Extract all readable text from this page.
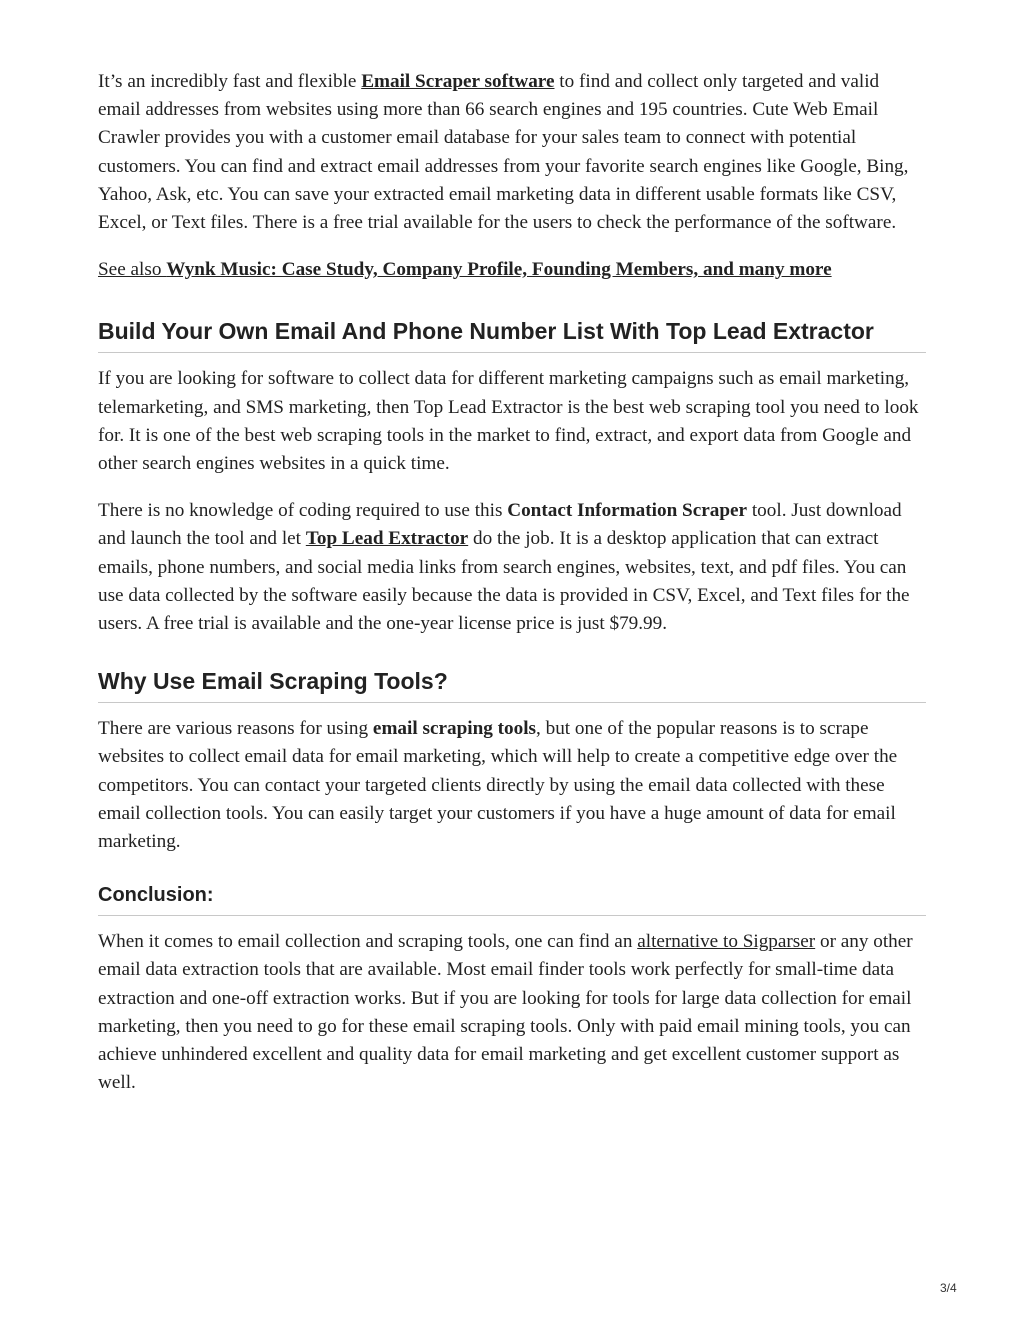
It’s an incredibly fast and flexible Email Scraper software to find and collect only targeted and valid email addresses from websites using more than 66 search engines and 195 countries. Cute Web Email Crawler provides you with a customer email database for your sales team to connect with potential customers. You can find and extract email addresses from your favorite search engines like Google, Bing, Yahoo, Ask, etc. You can save your extracted email marketing data in different usable formats like CSV, Excel, or Text files. There is a free trial available for the users to check the performance of the software.

See also Wynk Music: Case Study, Company Profile, Founding Members, and many more

Build Your Own Email And Phone Number List With Top Lead Extractor

If you are looking for software to collect data for different marketing campaigns such as email marketing, telemarketing, and SMS marketing, then Top Lead Extractor is the best web scraping tool you need to look for. It is one of the best web scraping tools in the market to find, extract, and export data from Google and other search engines websites in a quick time.

There is no knowledge of coding required to use this Contact Information Scraper tool. Just download and launch the tool and let Top Lead Extractor do the job. It is a desktop application that can extract emails, phone numbers, and social media links from search engines, websites, text, and pdf files. You can use data collected by the software easily because the data is provided in CSV, Excel, and Text files for the users. A free trial is available and the one-year license price is just $79.99.

Why Use Email Scraping Tools?

There are various reasons for using email scraping tools, but one of the popular reasons is to scrape websites to collect email data for email marketing, which will help to create a competitive edge over the competitors. You can contact your targeted clients directly by using the email data collected with these email collection tools. You can easily target your customers if you have a huge amount of data for email marketing.

Conclusion:

When it comes to email collection and scraping tools, one can find an alternative to Sigparser or any other email data extraction tools that are available. Most email finder tools work perfectly for small-time data extraction and one-off extraction works. But if you are looking for tools for large data collection for email marketing, then you need to go for these email scraping tools. Only with paid email mining tools, you can achieve unhindered excellent and quality data for email marketing and get excellent customer support as well.

3/4
